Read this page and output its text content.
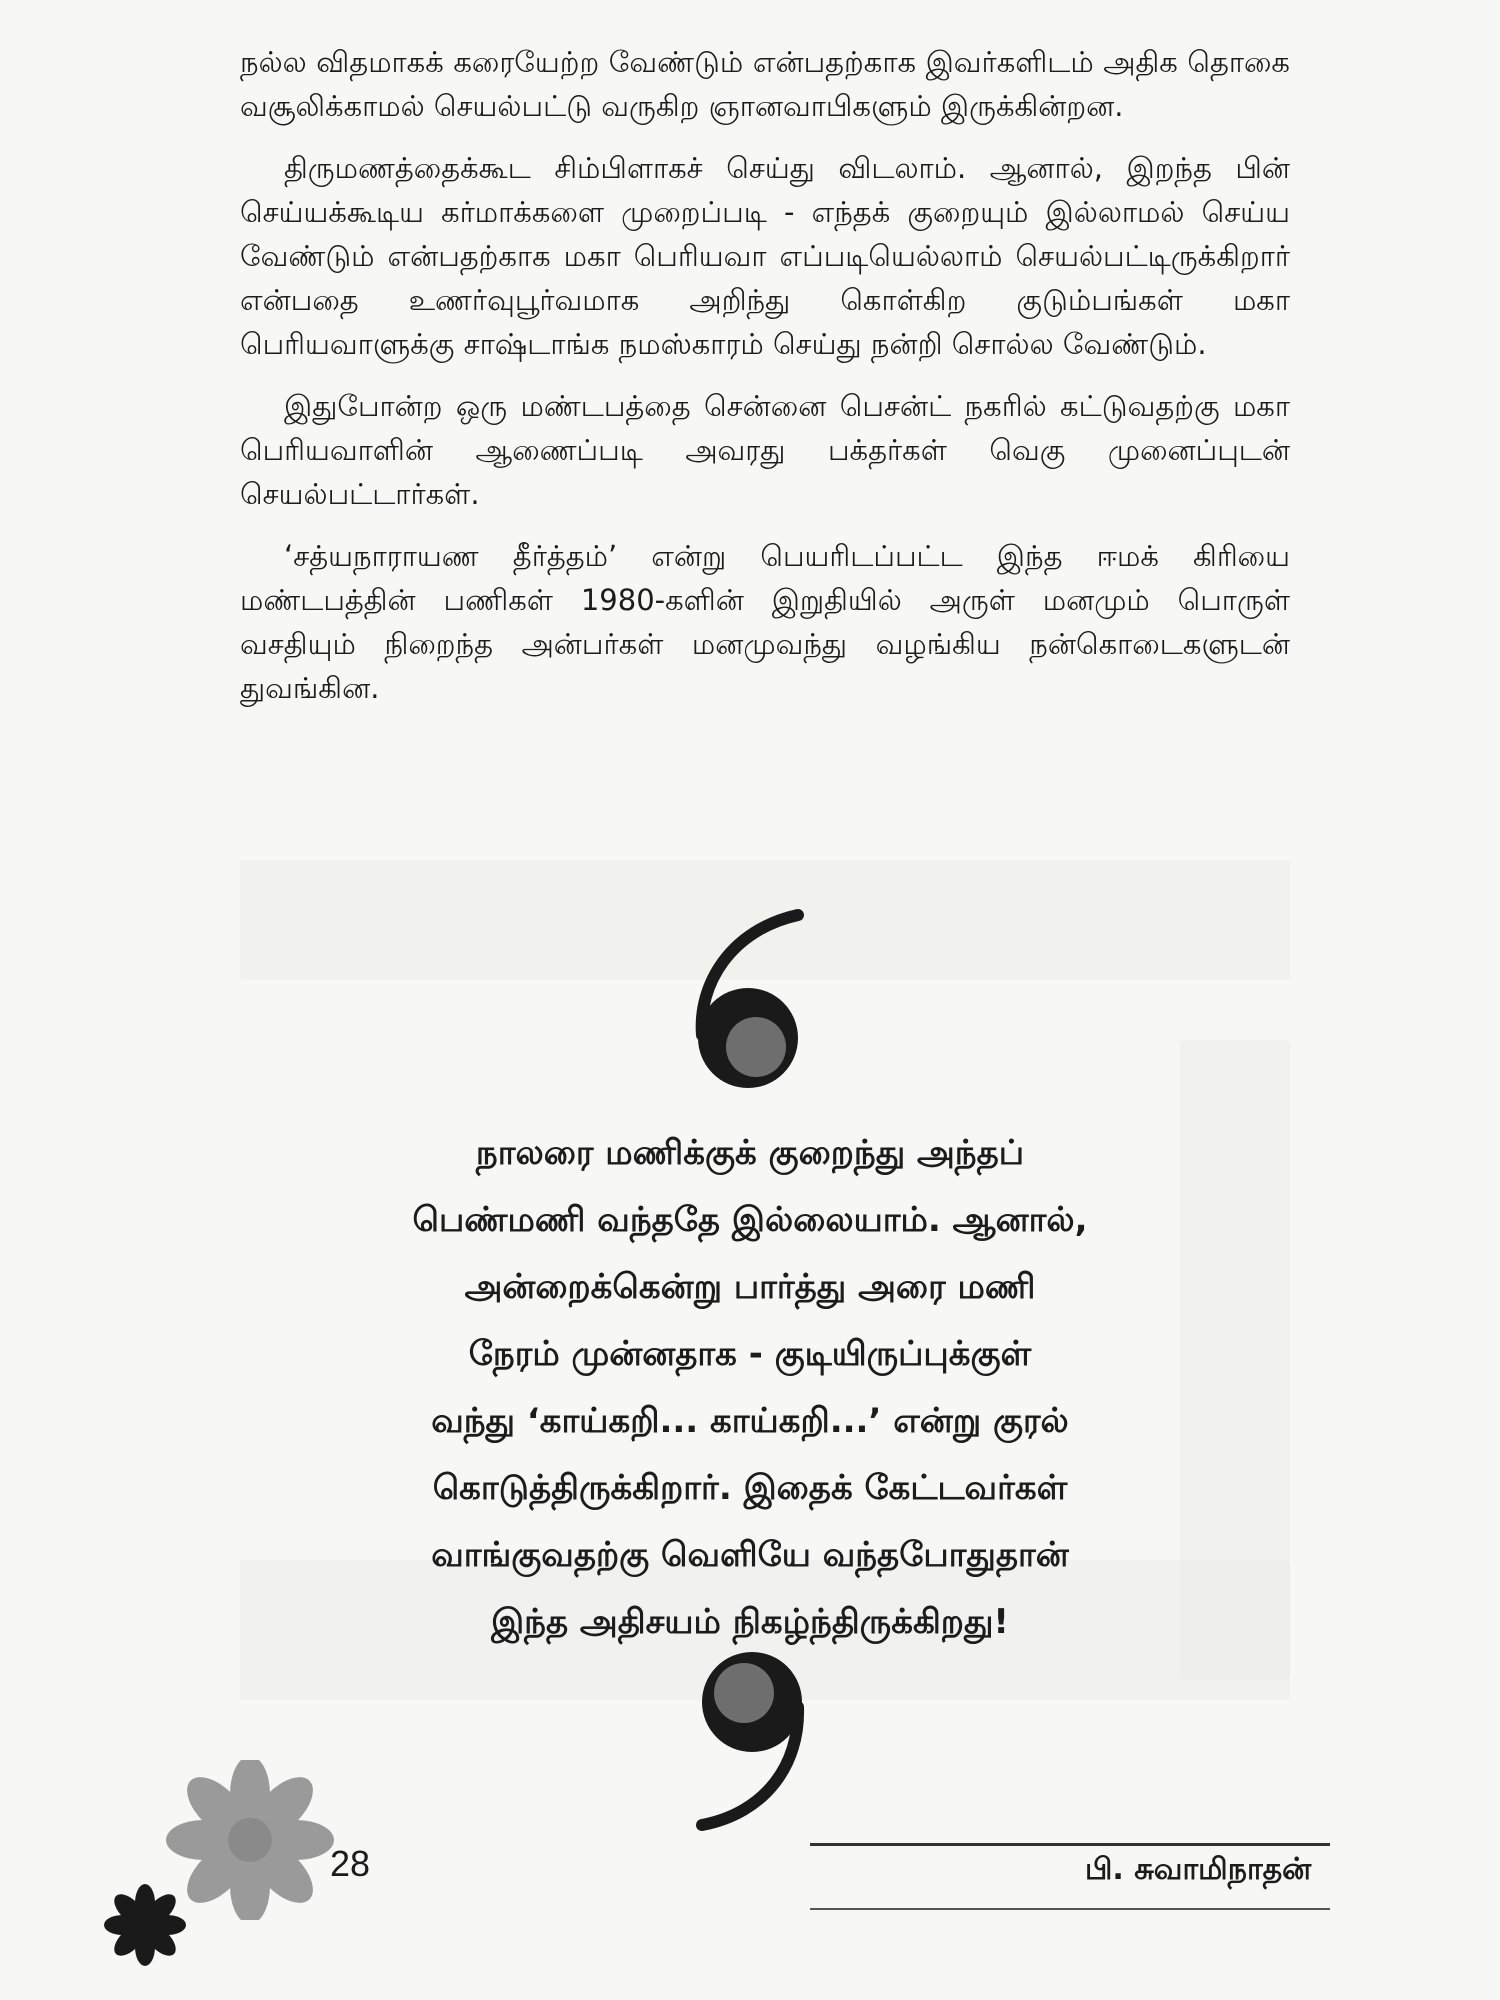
நல்ல விதமாகக் கரையேற்ற வேண்டும் என்பதற்காக இவர்களிடம் அதிக தொகை வசூலிக்காமல் செயல்பட்டு வருகிற ஞானவாபிகளும் இருக்கின்றன.

திருமணத்தைக்கூட சிம்பிளாகச் செய்து விடலாம். ஆனால், இறந்த பின் செய்யக்கூடிய கர்மாக்களை முறைப்படி - எந்தக் குறையும் இல்லாமல் செய்ய வேண்டும் என்பதற்காக மகா பெரியவா எப்படியெல்லாம் செயல்பட்டிருக்கிறார் என்பதை உணர்வுபூர்வமாக அறிந்து கொள்கிற குடும்பங்கள் மகா பெரியவாளுக்கு சாஷ்டாங்க நமஸ்காரம் செய்து நன்றி சொல்ல வேண்டும்.

இதுபோன்ற ஒரு மண்டபத்தை சென்னை பெசன்ட் நகரில் கட்டுவதற்கு மகா பெரியவாளின் ஆணைப்படி அவரது பக்தர்கள் வெகு முனைப்புடன் செயல்பட்டார்கள்.

‘சத்யநாராயண தீர்த்தம்’ என்று பெயரிடப்பட்ட இந்த ஈமக் கிரியை மண்டபத்தின் பணிகள் 1980-களின் இறுதியில் அருள் மனமும் பொருள் வசதியும் நிறைந்த அன்பர்கள் மனமுவந்து வழங்கிய நன்கொடைகளுடன் துவங்கின.

நாலரை மணிக்குக் குறைந்து அந்தப்
பெண்மணி வந்ததே இல்லையாம். ஆனால்,
அன்றைக்கென்று பார்த்து அரை மணி
நேரம் முன்னதாக - குடியிருப்புக்குள்
வந்து ‘காய்கறி... காய்கறி...’ என்று குரல்
கொடுத்திருக்கிறார். இதைக் கேட்டவர்கள்
வாங்குவதற்கு வெளியே வந்தபோதுதான்
இந்த அதிசயம் நிகழ்ந்திருக்கிறது!
28	பி. சுவாமிநாதன்
